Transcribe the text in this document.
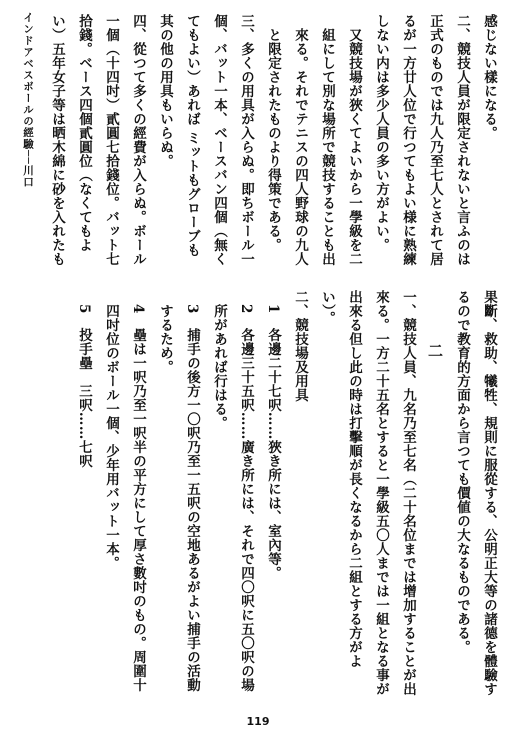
インドアベスボールの經驗──川口	感じない樣になる。

二、競技人員が限定されないと言ふのは正式のものでは九人乃至七人とされて居るが一方廿人位で行つてもよい様に熟練しない内は多少人員の多い方がよい。

又競技場が狹くてよいから一學級を二組にして別な場所で競技することも出來る。それでテニスの四人野球の九人と限定されたものより得策である。

三、多くの用具が入らぬ。即ちボール一個、バット一本、ベースバン四個（無くてもよい）あれば ミットもグローブも其の他の用具もいらぬ。

四、從つて多くの經費が入らぬ。ボール一個（十四吋）貳圓七拾錢位。バット七拾錢。ベース四個貳圓位（なくてもよい）五年女子等は晒木綿に砂を入れたも

果斷、救助、犧牲、規則に服從する、公明正大等の諸德を體驗するので教育的方面から言つても價値の大なるものである。

二

一、競技人員、九名乃至七名（二十名位までは增加することが出來る。一方二十五名とすると一學級五〇人までは一組となる事が出來る但し此の時は打擊順が長くなるから二組とする方がよい）。

二、競技場及用具

1　各邊二十七呎……狹き所には、室內等。

2　各邊三十五呎……廣き所には、それで四〇呎に五〇呎の場所があれば行はる。

3　捕手の後方一〇呎乃至一五呎の空地あるがよい捕手の活動するため。

4　壘は一呎乃至一呎半の平方にして厚さ數吋のもの。周圍十四吋位のボール一個、少年用バット一本。

5　投手壘　三呎……七呎

119
